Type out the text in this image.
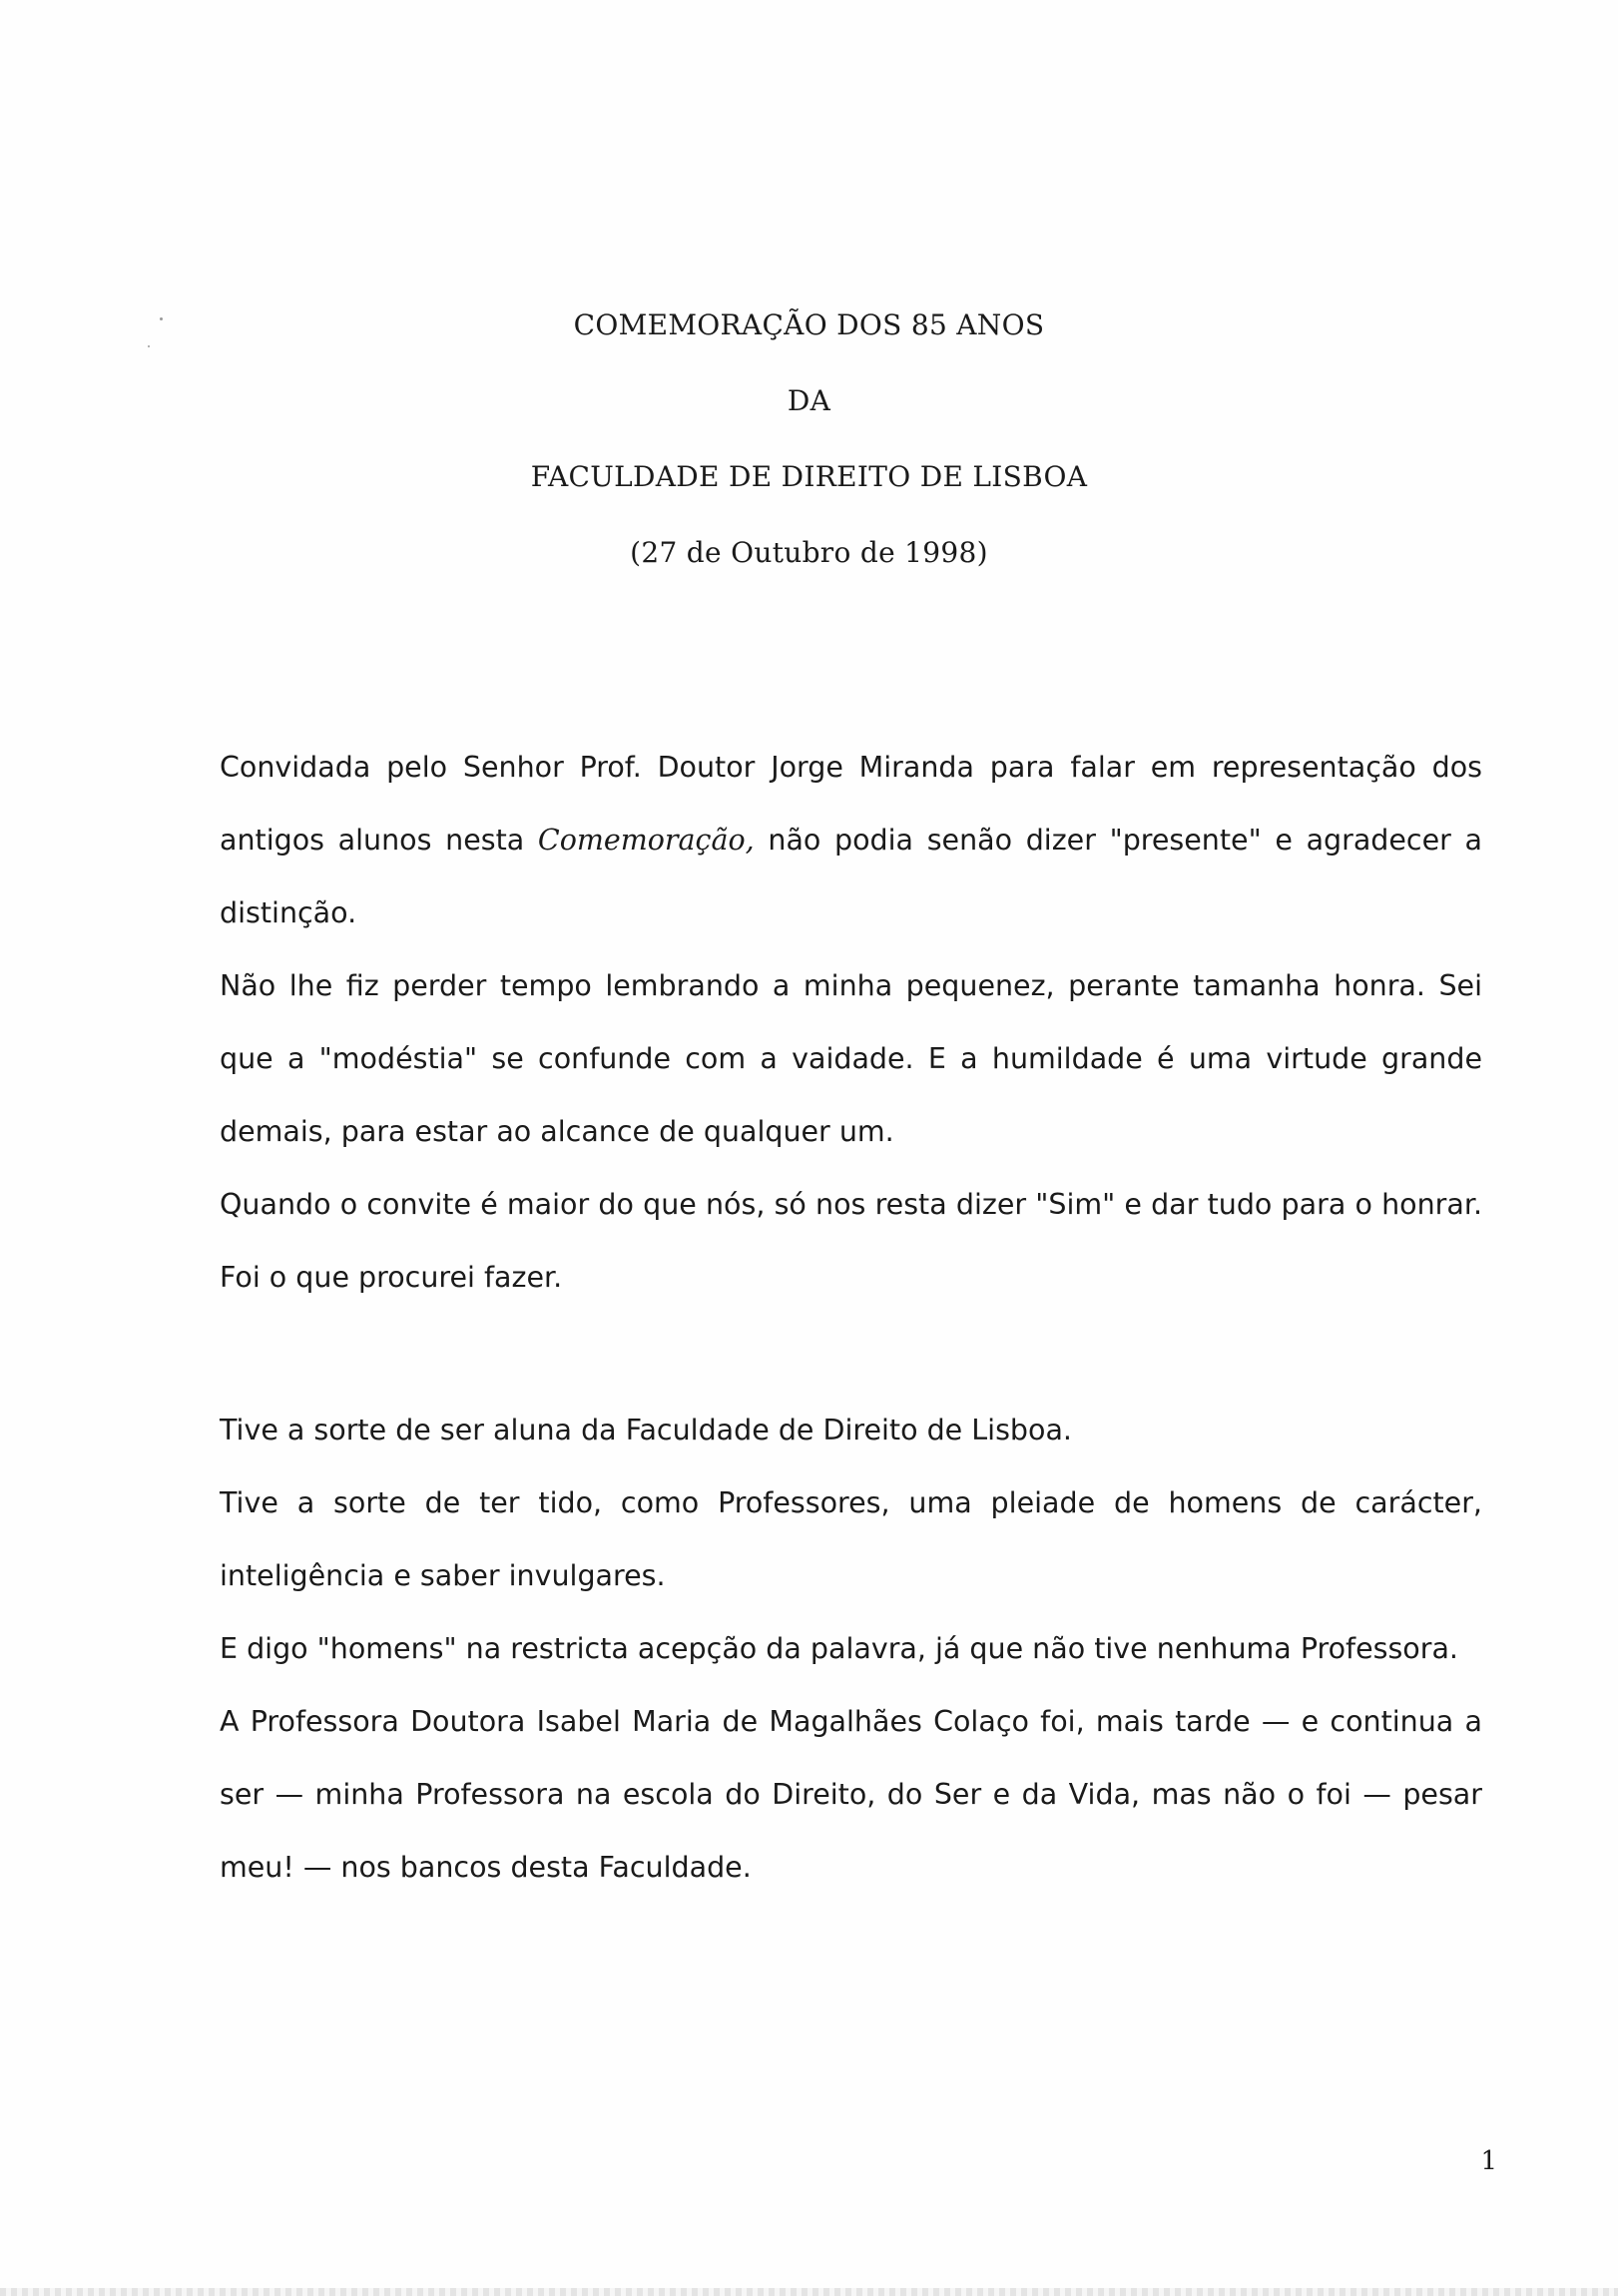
COMEMORAÇÃO DOS 85 ANOS
DA
FACULDADE DE DIREITO DE LISBOA
(27 de Outubro de 1998)

Convidada pelo Senhor Prof. Doutor Jorge Miranda para falar em representação dos antigos alunos nesta Comemoração, não podia senão dizer "presente" e agradecer a distinção.

Não lhe fiz perder tempo lembrando a minha pequenez, perante tamanha honra. Sei que a "modéstia" se confunde com a vaidade. E a humildade é uma virtude grande demais, para estar ao alcance de qualquer um.

Quando o convite é maior do que nós, só nos resta dizer "Sim" e dar tudo para o honrar. Foi o que procurei fazer.

Tive a sorte de ser aluna da Faculdade de Direito de Lisboa.

Tive a sorte de ter tido, como Professores, uma pleiade de homens de carácter, inteligência e saber invulgares.

E digo "homens" na restricta acepção da palavra, já que não tive nenhuma Professora.

A Professora Doutora Isabel Maria de Magalhães Colaço foi, mais tarde — e continua a ser — minha Professora na escola do Direito, do Ser e da Vida, mas não o foi — pesar meu! — nos bancos desta Faculdade.

1
